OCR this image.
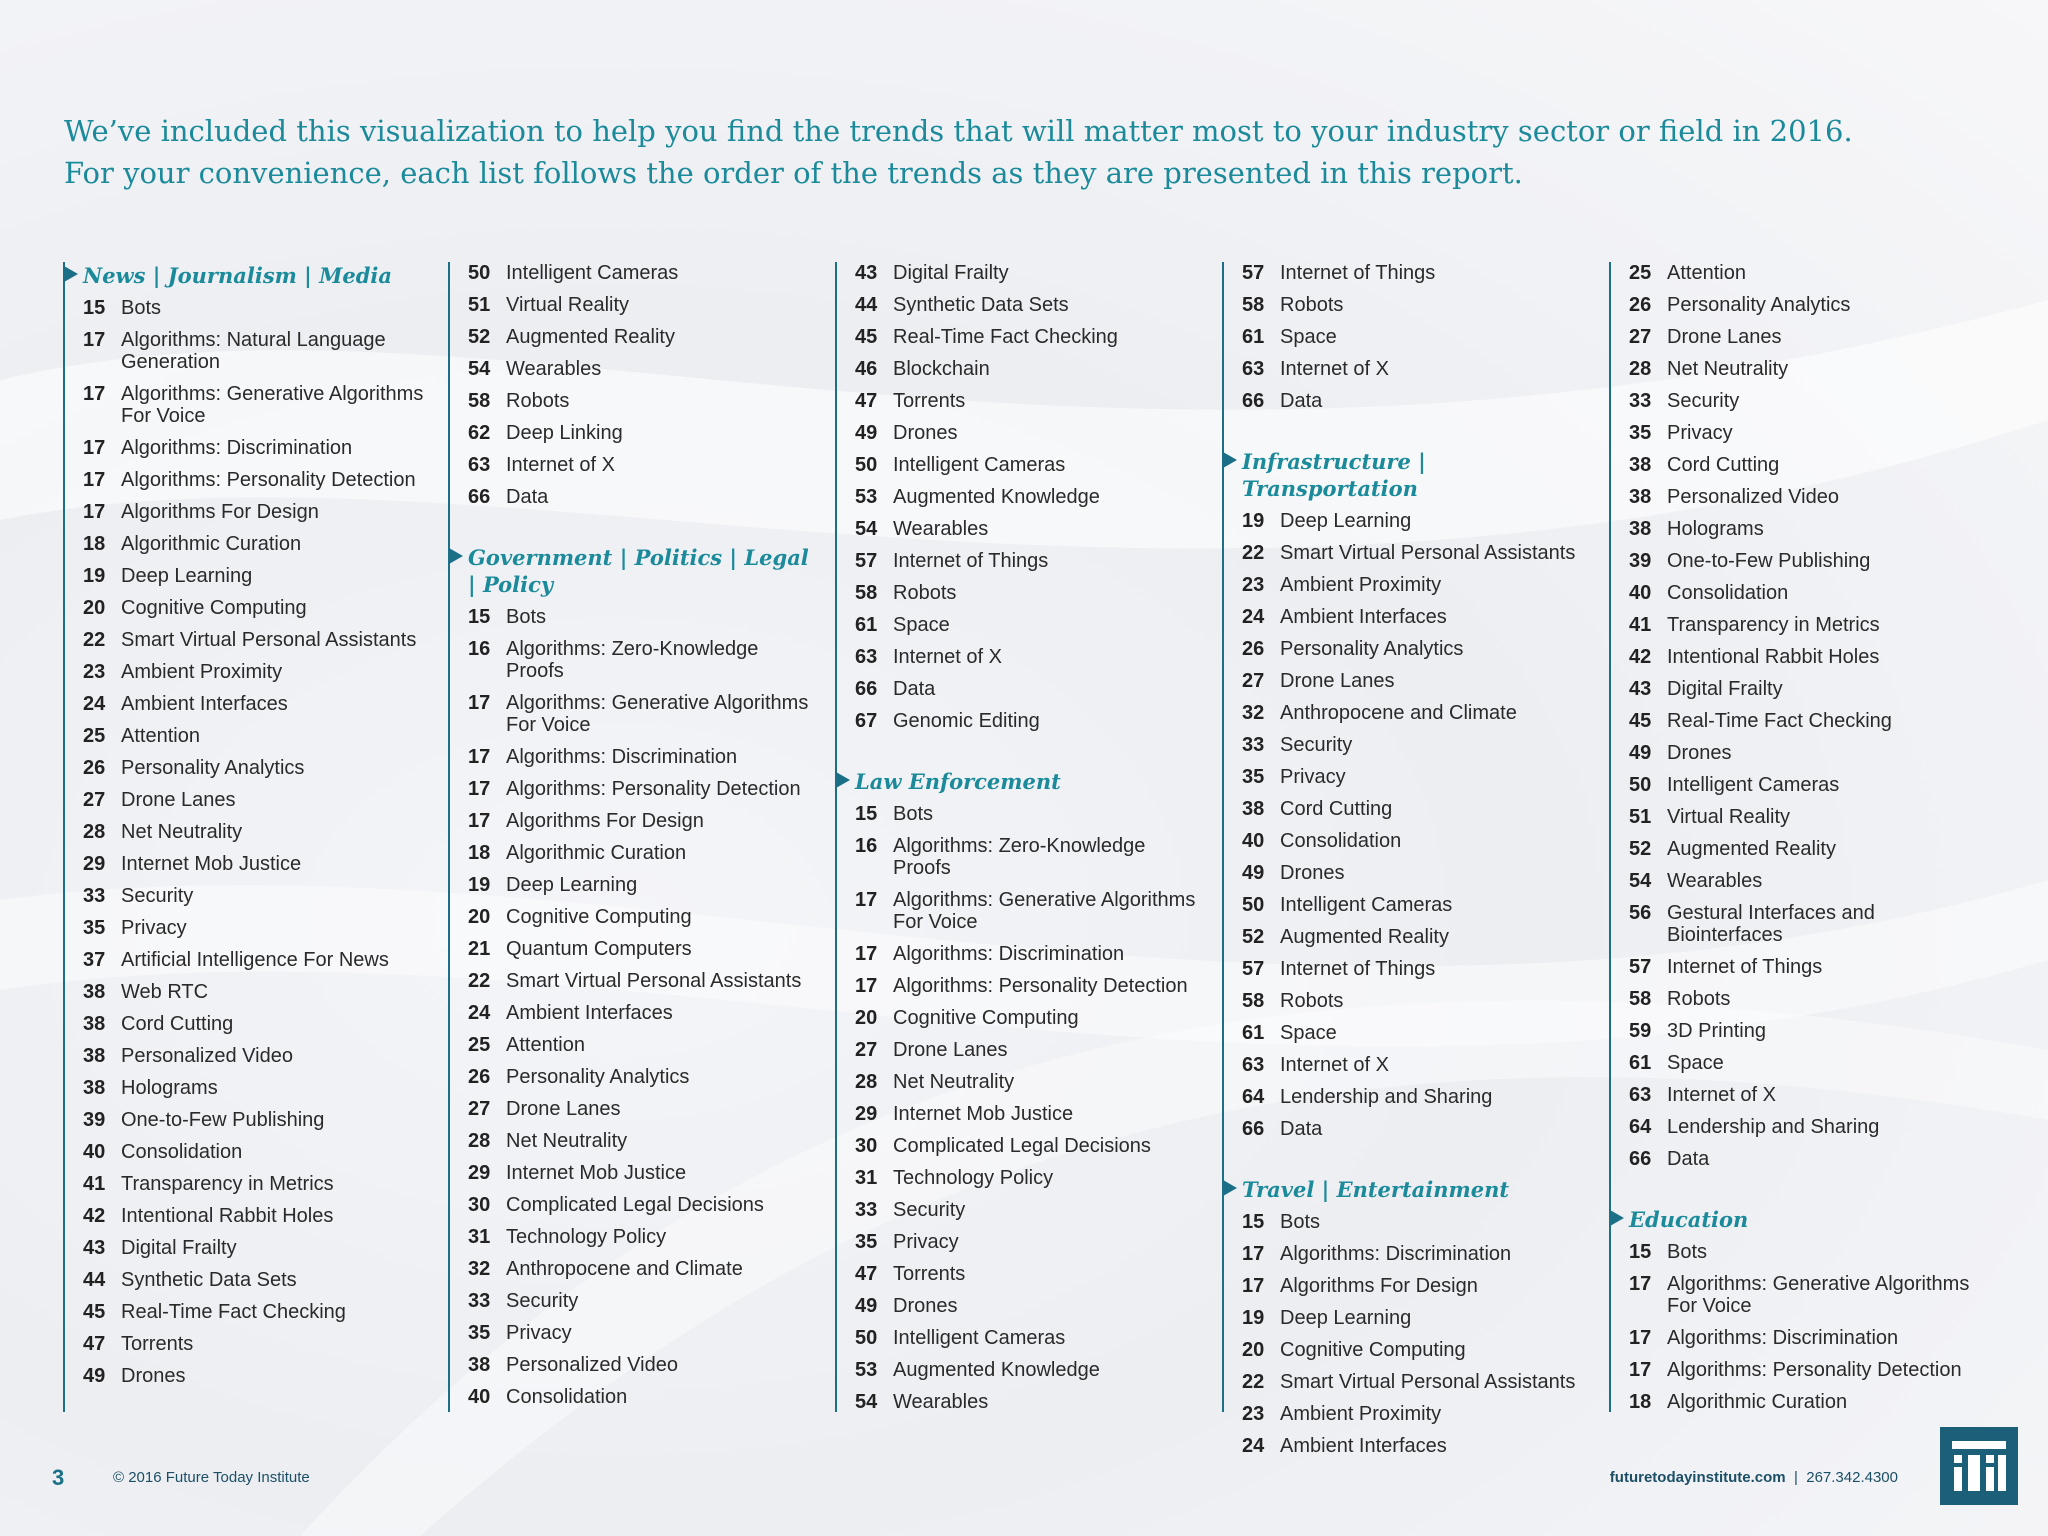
We’ve included this visualization to help you find the trends that will matter most to your industry sector or field in 2016.
For your convenience, each list follows the order of the trends as they are presented in this report.
News | Journalism | Media
15 Bots
17 Algorithms: Natural Language Generation
17 Algorithms: Generative Algorithms For Voice
17 Algorithms: Discrimination
17 Algorithms: Personality Detection
17 Algorithms For Design
18 Algorithmic Curation
19 Deep Learning
20 Cognitive Computing
22 Smart Virtual Personal Assistants
23 Ambient Proximity
24 Ambient Interfaces
25 Attention
26 Personality Analytics
27 Drone Lanes
28 Net Neutrality
29 Internet Mob Justice
33 Security
35 Privacy
37 Artificial Intelligence For News
38 Web RTC
38 Cord Cutting
38 Personalized Video
38 Holograms
39 One-to-Few Publishing
40 Consolidation
41 Transparency in Metrics
42 Intentional Rabbit Holes
43 Digital Frailty
44 Synthetic Data Sets
45 Real-Time Fact Checking
47 Torrents
49 Drones
50 Intelligent Cameras
51 Virtual Reality
52 Augmented Reality
54 Wearables
58 Robots
62 Deep Linking
63 Internet of X
66 Data
Government | Politics | Legal | Policy
15 Bots
16 Algorithms: Zero-Knowledge Proofs
17 Algorithms: Generative Algorithms For Voice
17 Algorithms: Discrimination
17 Algorithms: Personality Detection
17 Algorithms For Design
18 Algorithmic Curation
19 Deep Learning
20 Cognitive Computing
21 Quantum Computers
22 Smart Virtual Personal Assistants
24 Ambient Interfaces
25 Attention
26 Personality Analytics
27 Drone Lanes
28 Net Neutrality
29 Internet Mob Justice
30 Complicated Legal Decisions
31 Technology Policy
32 Anthropocene and Climate
33 Security
35 Privacy
38 Personalized Video
40 Consolidation
43 Digital Frailty
44 Synthetic Data Sets
45 Real-Time Fact Checking
46 Blockchain
47 Torrents
49 Drones
50 Intelligent Cameras
53 Augmented Knowledge
54 Wearables
57 Internet of Things
58 Robots
61 Space
63 Internet of X
66 Data
67 Genomic Editing
Law Enforcement
15 Bots
16 Algorithms: Zero-Knowledge Proofs
17 Algorithms: Generative Algorithms For Voice
17 Algorithms: Discrimination
17 Algorithms: Personality Detection
20 Cognitive Computing
27 Drone Lanes
28 Net Neutrality
29 Internet Mob Justice
30 Complicated Legal Decisions
31 Technology Policy
33 Security
35 Privacy
47 Torrents
49 Drones
50 Intelligent Cameras
53 Augmented Knowledge
54 Wearables
57 Internet of Things
58 Robots
61 Space
63 Internet of X
66 Data
Infrastructure | Transportation
19 Deep Learning
22 Smart Virtual Personal Assistants
23 Ambient Proximity
24 Ambient Interfaces
26 Personality Analytics
27 Drone Lanes
32 Anthropocene and Climate
33 Security
35 Privacy
38 Cord Cutting
40 Consolidation
49 Drones
50 Intelligent Cameras
52 Augmented Reality
57 Internet of Things
58 Robots
61 Space
63 Internet of X
64 Lendership and Sharing
66 Data
Travel | Entertainment
15 Bots
17 Algorithms: Discrimination
17 Algorithms For Design
19 Deep Learning
20 Cognitive Computing
22 Smart Virtual Personal Assistants
23 Ambient Proximity
24 Ambient Interfaces
25 Attention
26 Personality Analytics
27 Drone Lanes
28 Net Neutrality
33 Security
35 Privacy
38 Cord Cutting
38 Personalized Video
38 Holograms
39 One-to-Few Publishing
40 Consolidation
41 Transparency in Metrics
42 Intentional Rabbit Holes
43 Digital Frailty
45 Real-Time Fact Checking
49 Drones
50 Intelligent Cameras
51 Virtual Reality
52 Augmented Reality
54 Wearables
56 Gestural Interfaces and Biointerfaces
57 Internet of Things
58 Robots
59 3D Printing
61 Space
63 Internet of X
64 Lendership and Sharing
66 Data
Education
15 Bots
17 Algorithms: Generative Algorithms For Voice
17 Algorithms: Discrimination
17 Algorithms: Personality Detection
18 Algorithmic Curation
3	© 2016 Future Today Institute	futuretodayinstitute.com | 267.342.4300
